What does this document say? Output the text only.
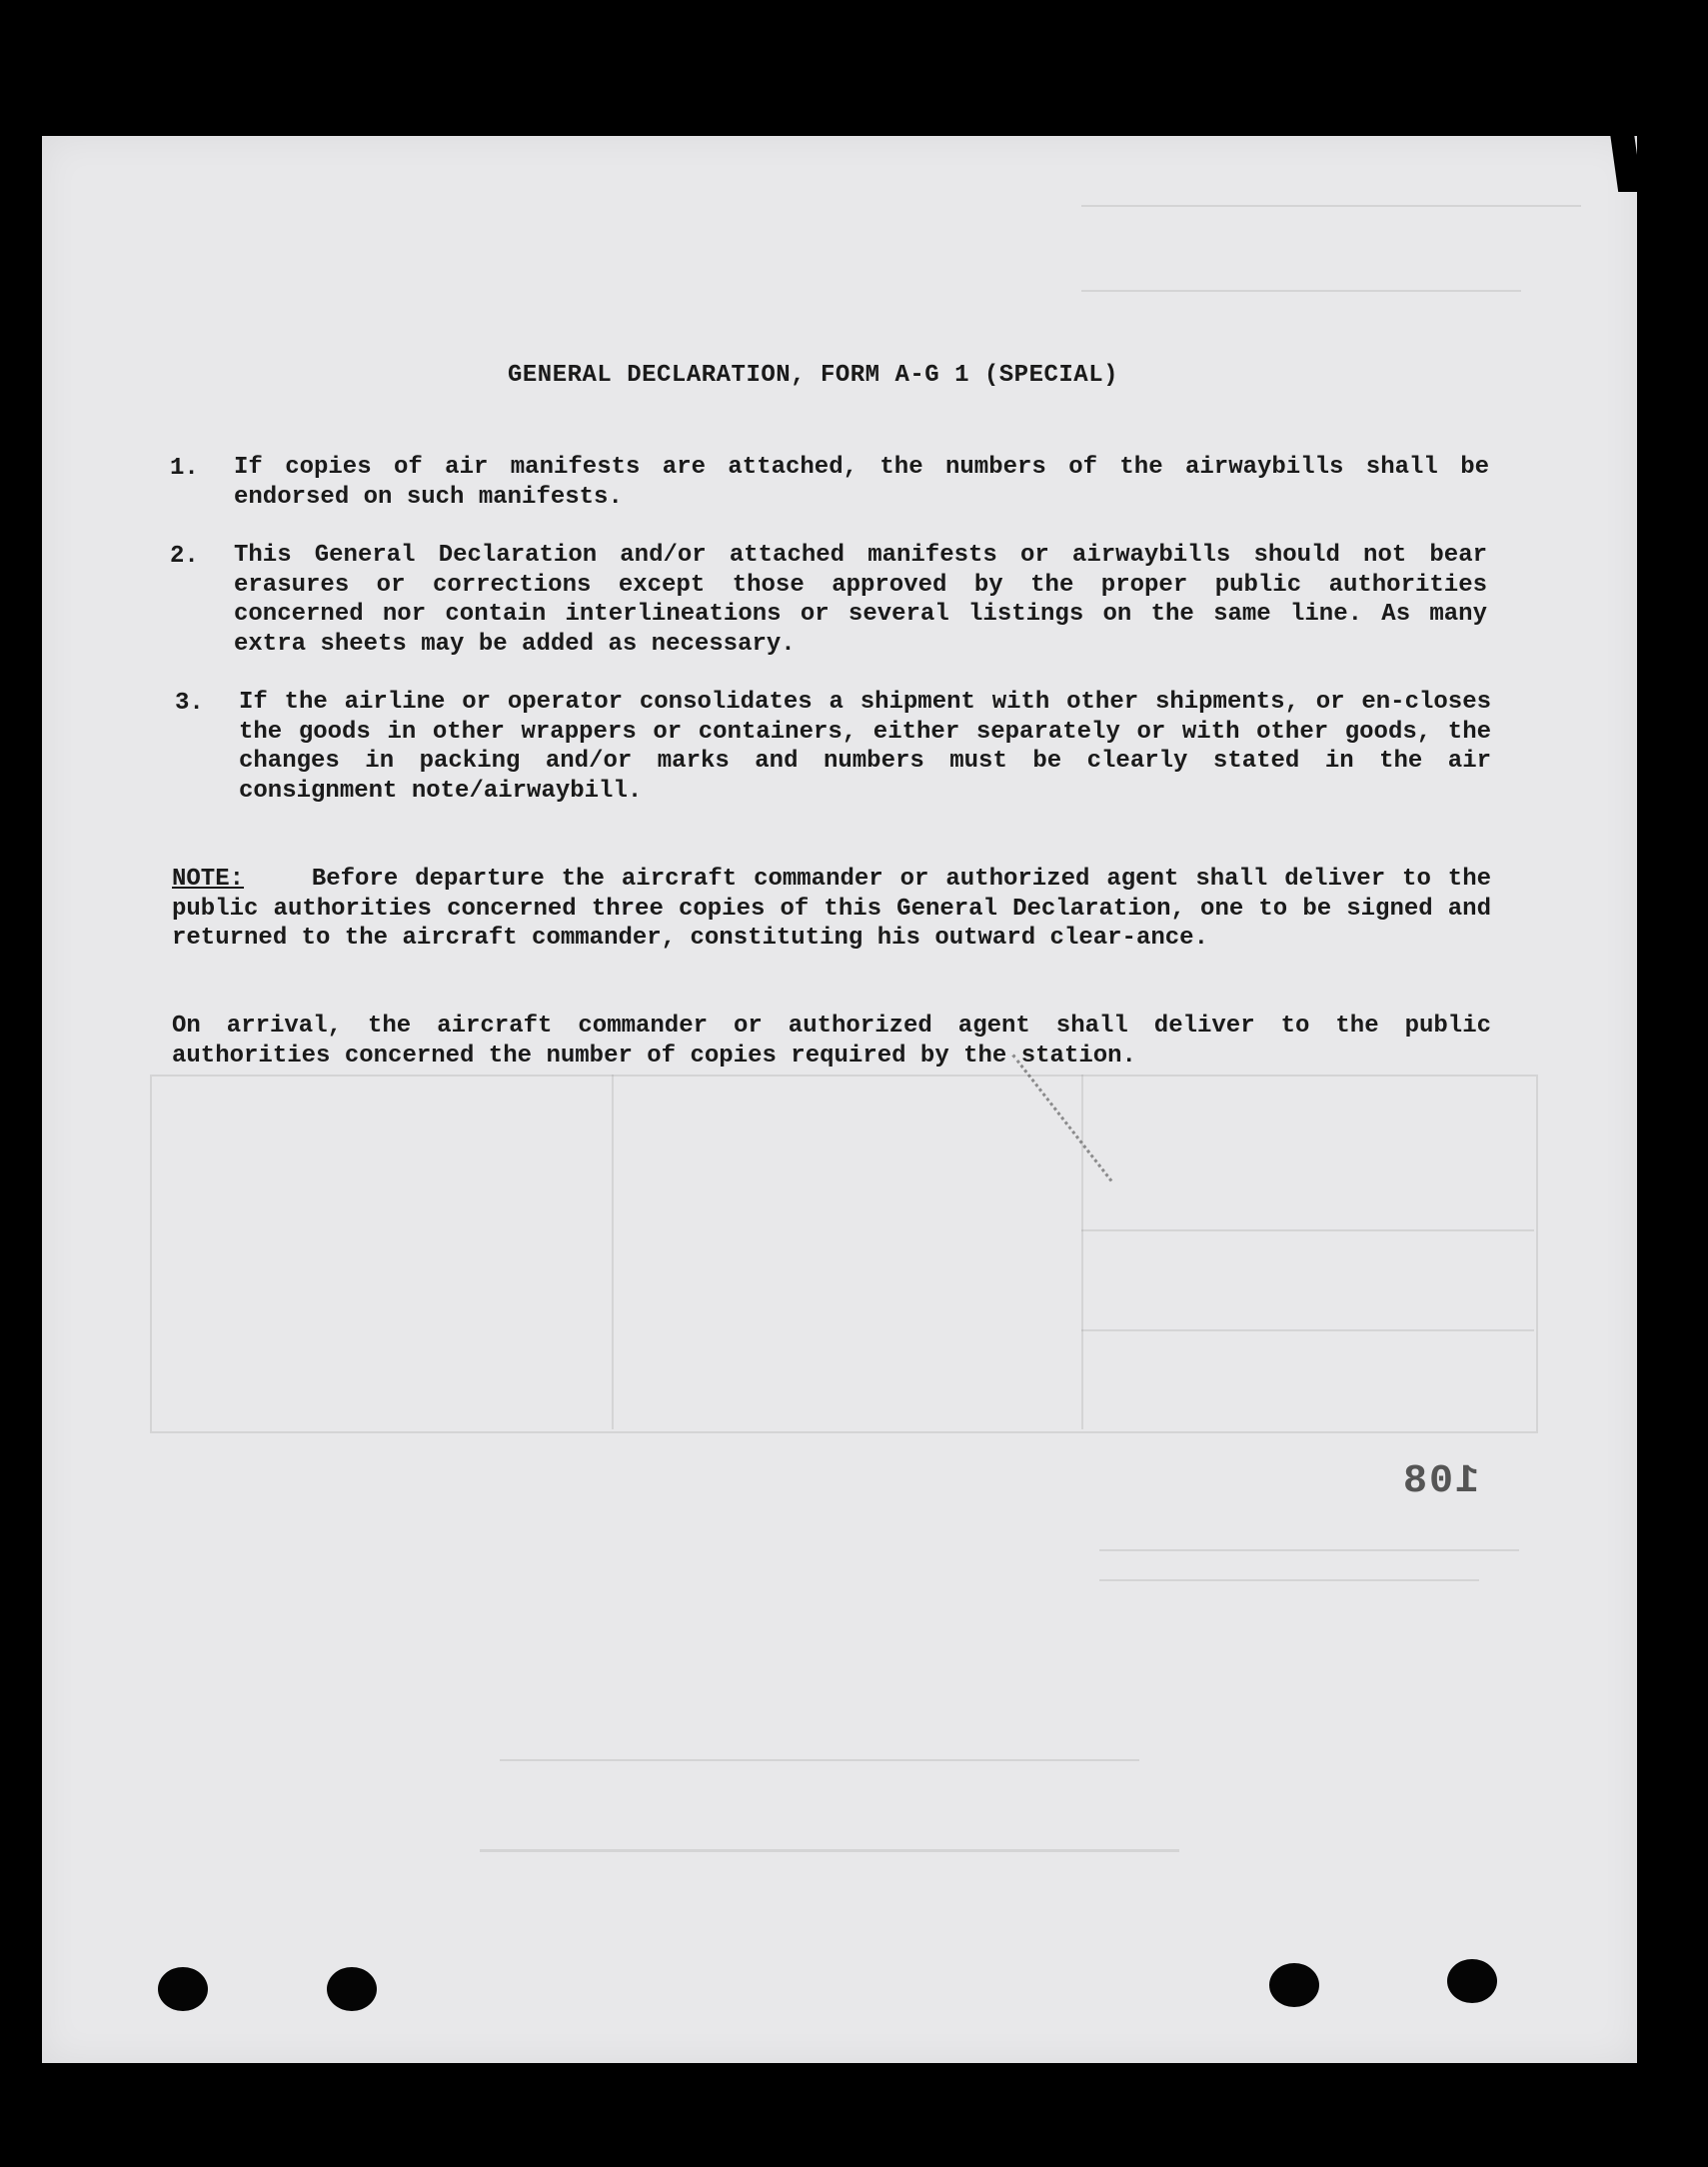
GENERAL DECLARATION, FORM A-G 1 (SPECIAL)
1. If copies of air manifests are attached, the numbers of the airwaybills shall be endorsed on such manifests.
2. This General Declaration and/or attached manifests or airwaybills should not bear erasures or corrections except those approved by the proper public authorities concerned nor contain interlineations or several listings on the same line. As many extra sheets may be added as necessary.
3. If the airline or operator consolidates a shipment with other shipments, or en-closes the goods in other wrappers or containers, either separately or with other goods, the changes in packing and/or marks and numbers must be clearly stated in the air consignment note/airwaybill.
NOTE:	Before departure the aircraft commander or authorized agent shall deliver to the public authorities concerned three copies of this General Declaration, one to be signed and returned to the aircraft commander, constituting his outward clear-ance.
On arrival, the aircraft commander or authorized agent shall deliver to the public authorities concerned the number of copies required by the station.
108
